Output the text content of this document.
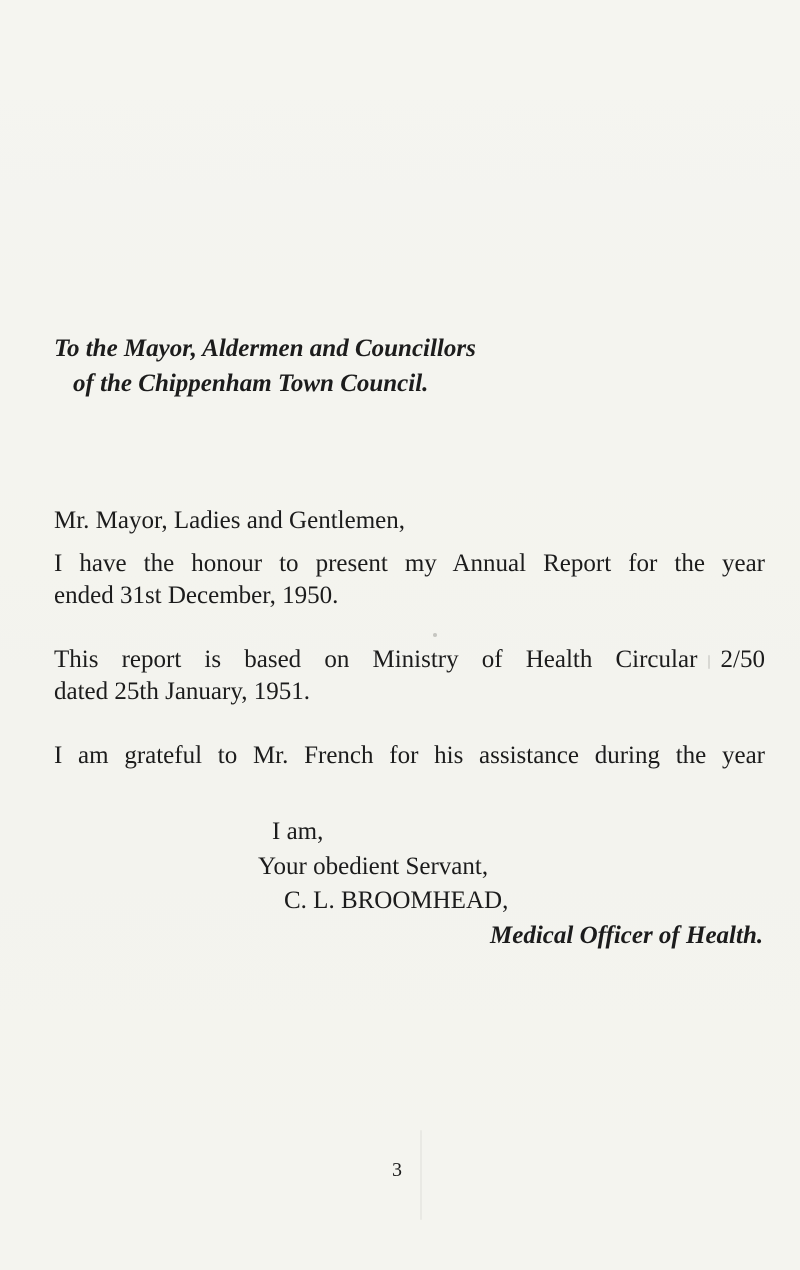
To the Mayor, Aldermen and Councillors
of the Chippenham Town Council.
Mr. Mayor, Ladies and Gentlemen,
I have the honour to present my Annual Report for the year
ended 31st December, 1950.
This report is based on Ministry of Health Circular 2/50
dated 25th January, 1951.
I am grateful to Mr. French for his assistance during the year
I am,
Your obedient Servant,
C. L. BROOMHEAD,
Medical Officer of Health.
3
